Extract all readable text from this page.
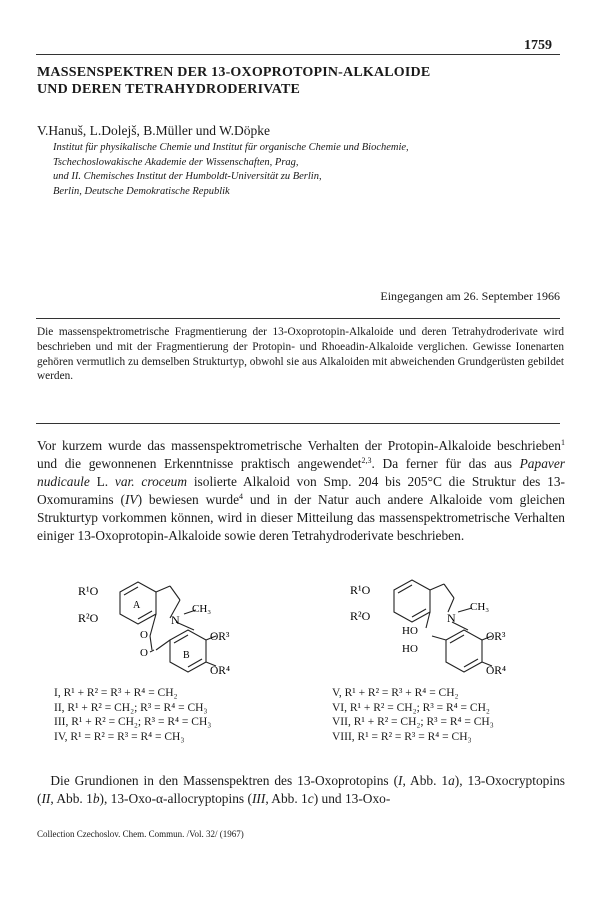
1759
MASSENSPEKTREN DER 13-OXOPROTOPIN-ALKALOIDE
UND DEREN TETRAHYDRODERIVATE
V.Hanuš, L.Dolejš, B.Müller und W.Döpke
Institut für physikalische Chemie und Institut für organische Chemie und Biochemie,
Tschechoslowakische Akademie der Wissenschaften, Prag,
und II. Chemisches Institut der Humboldt-Universität zu Berlin,
Berlin, Deutsche Demokratische Republik
Eingegangen am 26. September 1966
Die massenspektrometrische Fragmentierung der 13-Oxoprotopin-Alkaloide und deren Tetrahydroderivate wird beschrieben und mit der Fragmentierung der Protopin- und Rhoeadin-Alkaloide verglichen. Gewisse Ionenarten gehören vermutlich zu demselben Strukturtyp, obwohl sie aus Alkaloiden mit abweichenden Grundgerüsten gebildet werden.
Vor kurzem wurde das massenspektrometrische Verhalten der Protopin-Alkaloide beschrieben$^1$ und die gewonnenen Erkenntnisse praktisch angewendet$^{2,3}$. Da ferner für das aus Papaver nudicaule L. var. croceum isolierte Alkaloid von Smp. 204 bis 205°C die Struktur des 13-Oxomuramins (IV) bewiesen wurde$^4$ und in der Natur auch andere Alkaloide vom gleichen Strukturtyp vorkommen können, wird in dieser Mitteilung das massenspektrometrische Verhalten einiger 13-Oxoprotopin-Alkaloide sowie deren Tetrahydroderivate beschrieben.
R¹O
R²O
A
B
N
CH₃
OR³
OR⁴
O
O
R¹O
R²O	N
CH₃
HO
HO
OR³
OR⁴
I, R¹ + R² = R³ + R⁴ = CH₂
II, R¹ + R² = CH₂; R³ = R⁴ = CH₃
III, R¹ + R² = CH₂; R³ = R⁴ = CH₃
IV, R¹ = R² = R³ = R⁴ = CH₃
V, R¹ + R² = R³ + R⁴ = CH₂
VI, R¹ + R² = CH₂; R³ = R⁴ = CH₂
VII, R¹ + R² = CH₂; R³ = R⁴ = CH₃
VIII, R¹ = R² = R³ = R⁴ = CH₃
 Die Grundionen in den Massenspektren des 13-Oxoprotopins (I, Abb. 1a), 13-Oxocryptopins (II, Abb. 1b), 13-Oxo-α-allocryptopins (III, Abb. 1c) und 13-Oxo-
Collection Czechoslov. Chem. Commun. /Vol. 32/ (1967)
